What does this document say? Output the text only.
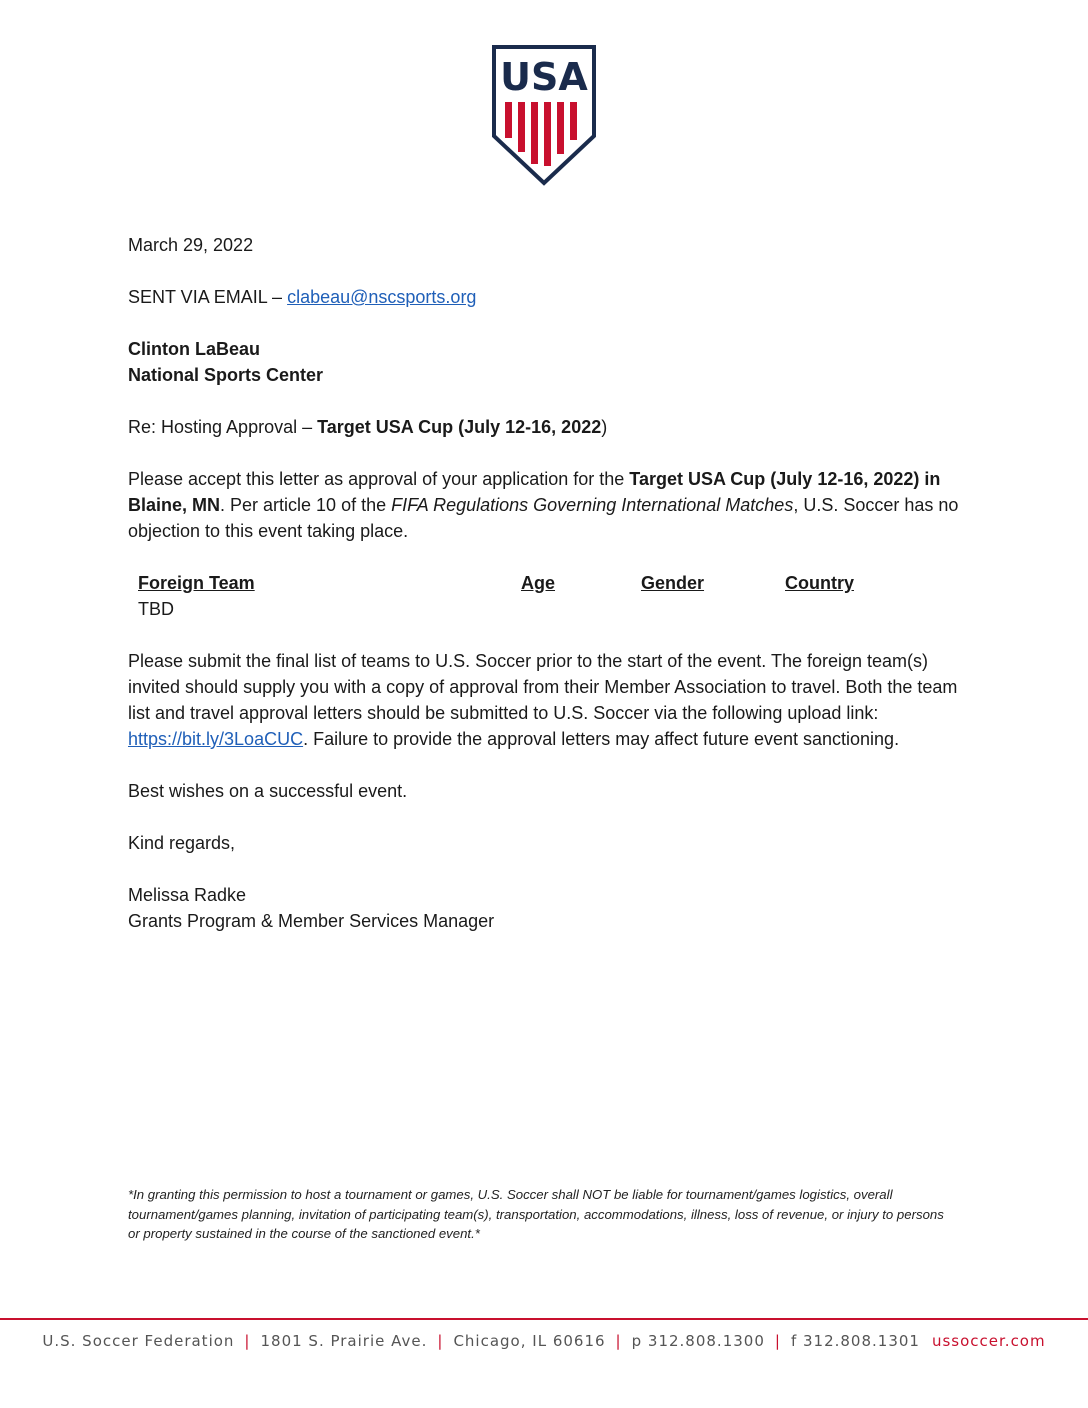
USA

March 29, 2022

SENT VIA EMAIL – clabeau@nscsports.org

Clinton LaBeau

National Sports Center

Re: Hosting Approval – Target USA Cup (July 12-16, 2022)

Please accept this letter as approval of your application for the Target USA Cup (July 12-16, 2022) in Blaine, MN. Per article 10 of the FIFA Regulations Governing International Matches, U.S. Soccer has no objection to this event taking place.

Foreign Team	Age	Gender	Country
TBD

Please submit the final list of teams to U.S. Soccer prior to the start of the event. The foreign team(s) invited should supply you with a copy of approval from their Member Association to travel. Both the team list and travel approval letters should be submitted to U.S. Soccer via the following upload link: https://bit.ly/3LoaCUC. Failure to provide the approval letters may affect future event sanctioning.

Best wishes on a successful event.

Kind regards,

Melissa Radke

Grants Program & Member Services Manager

*In granting this permission to host a tournament or games, U.S. Soccer shall NOT be liable for tournament/games logistics, overall tournament/games planning, invitation of participating team(s), transportation, accommodations, illness, loss of revenue, or injury to persons or property sustained in the course of the sanctioned event.*

U.S. Soccer Federation | 1801 S. Prairie Ave. | Chicago, IL 60616 | p 312.808.1300 | f 312.808.1301 ussoccer.com
